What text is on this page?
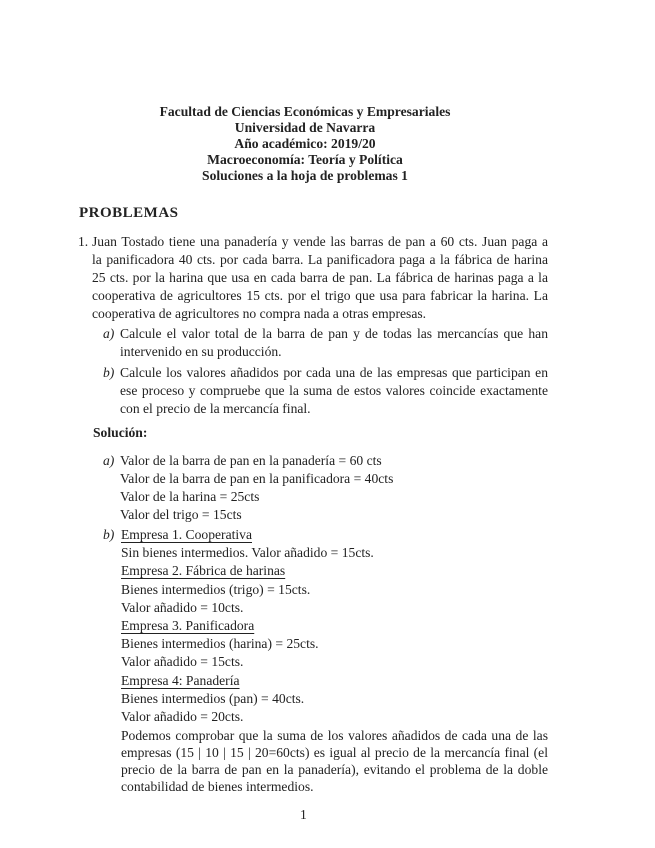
Facultad de Ciencias Económicas y Empresariales
Universidad de Navarra
Año académico: 2019/20
Macroeconomía: Teoría y Política
Soluciones a la hoja de problemas 1
PROBLEMAS
1. Juan Tostado tiene una panadería y vende las barras de pan a 60 cts. Juan paga a
la panificadora 40 cts. por cada barra. La panificadora paga a la fábrica de harina
25 cts. por la harina que usa en cada barra de pan. La fábrica de harinas paga a la
cooperativa de agricultores 15 cts. por el trigo que usa para fabricar la harina. La
cooperativa de agricultores no compra nada a otras empresas.
a) Calcule el valor total de la barra de pan y de todas las mercancías que han
intervenido en su producción.
b) Calcule los valores añadidos por cada una de las empresas que participan en
ese proceso y compruebe que la suma de estos valores coincide exactamente
con el precio de la mercancía final.
Solución:
a) Valor de la barra de pan en la panadería = 60 cts
Valor de la barra de pan en la panificadora = 40cts
Valor de la harina = 25cts
Valor del trigo = 15cts
b) Empresa 1. Cooperativa
Sin bienes intermedios. Valor añadido = 15cts.
Empresa 2. Fábrica de harinas
Bienes intermedios (trigo) = 15cts.
Valor añadido = 10cts.
Empresa 3. Panificadora
Bienes intermedios (harina) = 25cts.
Valor añadido = 15cts.
Empresa 4: Panadería
Bienes intermedios (pan) = 40cts.
Valor añadido = 20cts.
Podemos comprobar que la suma de los valores añadidos de cada una de las
empresas (15 | 10 | 15 | 20=60cts) es igual al precio de la mercancía final (el
precio de la barra de pan en la panadería), evitando el problema de la doble
contabilidad de bienes intermedios.
1
